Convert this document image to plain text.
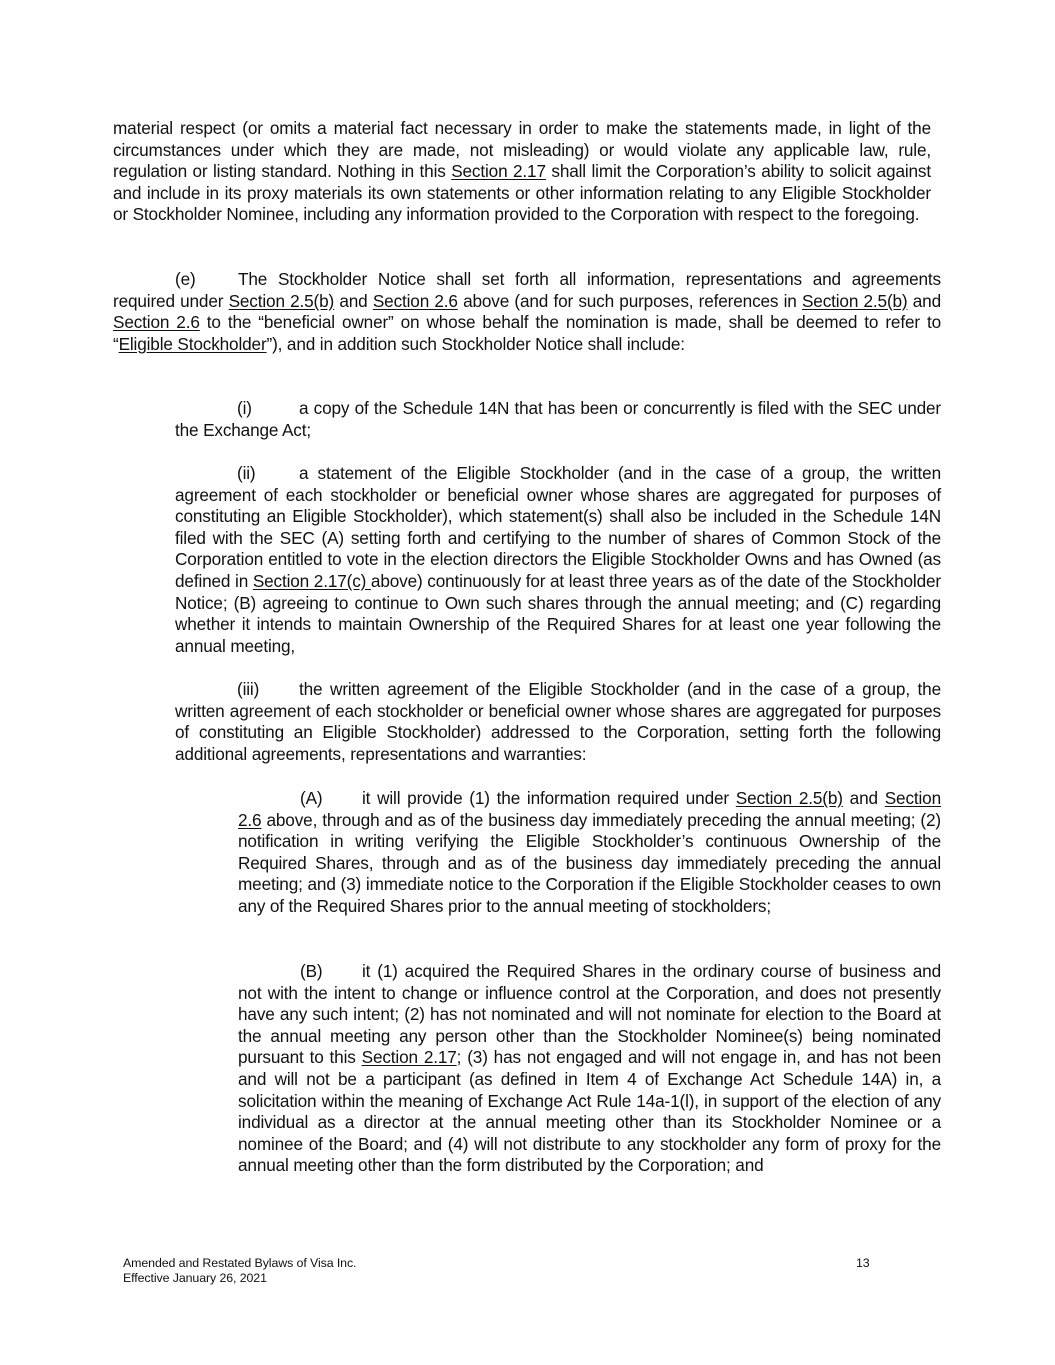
material respect (or omits a material fact necessary in order to make the statements made, in light of the circumstances under which they are made, not misleading) or would violate any applicable law, rule, regulation or listing standard. Nothing in this Section 2.17 shall limit the Corporation’s ability to solicit against and include in its proxy materials its own statements or other information relating to any Eligible Stockholder or Stockholder Nominee, including any information provided to the Corporation with respect to the foregoing.

(e) The Stockholder Notice shall set forth all information, representations and agreements required under Section 2.5(b) and Section 2.6 above (and for such purposes, references in Section 2.5(b) and Section 2.6 to the “beneficial owner” on whose behalf the nomination is made, shall be deemed to refer to “Eligible Stockholder”), and in addition such Stockholder Notice shall include:

(i)	a copy of the Schedule 14N that has been or concurrently is filed with the SEC under the Exchange Act;

(ii)	a statement of the Eligible Stockholder (and in the case of a group, the written agreement of each stockholder or beneficial owner whose shares are aggregated for purposes of constituting an Eligible Stockholder), which statement(s) shall also be included in the Schedule 14N filed with the SEC (A) setting forth and certifying to the number of shares of Common Stock of the Corporation entitled to vote in the election directors the Eligible Stockholder Owns and has Owned (as defined in Section 2.17(c) above) continuously for at least three years as of the date of the Stockholder Notice; (B) agreeing to continue to Own such shares through the annual meeting; and (C) regarding whether it intends to maintain Ownership of the Required Shares for at least one year following the annual meeting,

(iii) the written agreement of the Eligible Stockholder (and in the case of a group, the written agreement of each stockholder or beneficial owner whose shares are aggregated for purposes of constituting an Eligible Stockholder) addressed to the Corporation, setting forth the following additional agreements, representations and warranties:

(A) it will provide (1) the information required under Section 2.5(b) and Section 2.6 above, through and as of the business day immediately preceding the annual meeting; (2) notification in writing verifying the Eligible Stockholder’s continuous Ownership of the Required Shares, through and as of the business day immediately preceding the annual meeting; and (3) immediate notice to the Corporation if the Eligible Stockholder ceases to own any of the Required Shares prior to the annual meeting of stockholders;

(B) it (1) acquired the Required Shares in the ordinary course of business and not with the intent to change or influence control at the Corporation, and does not presently have any such intent; (2) has not nominated and will not nominate for election to the Board at the annual meeting any person other than the Stockholder Nominee(s) being nominated pursuant to this Section 2.17; (3) has not engaged and will not engage in, and has not been and will not be a participant (as defined in Item 4 of Exchange Act Schedule 14A) in, a solicitation within the meaning of Exchange Act Rule 14a-1(l), in support of the election of any individual as a director at the annual meeting other than its Stockholder Nominee or a nominee of the Board; and (4) will not distribute to any stockholder any form of proxy for the annual meeting other than the form distributed by the Corporation; and

Amended and Restated Bylaws of Visa Inc.
Effective January 26, 2021
13
